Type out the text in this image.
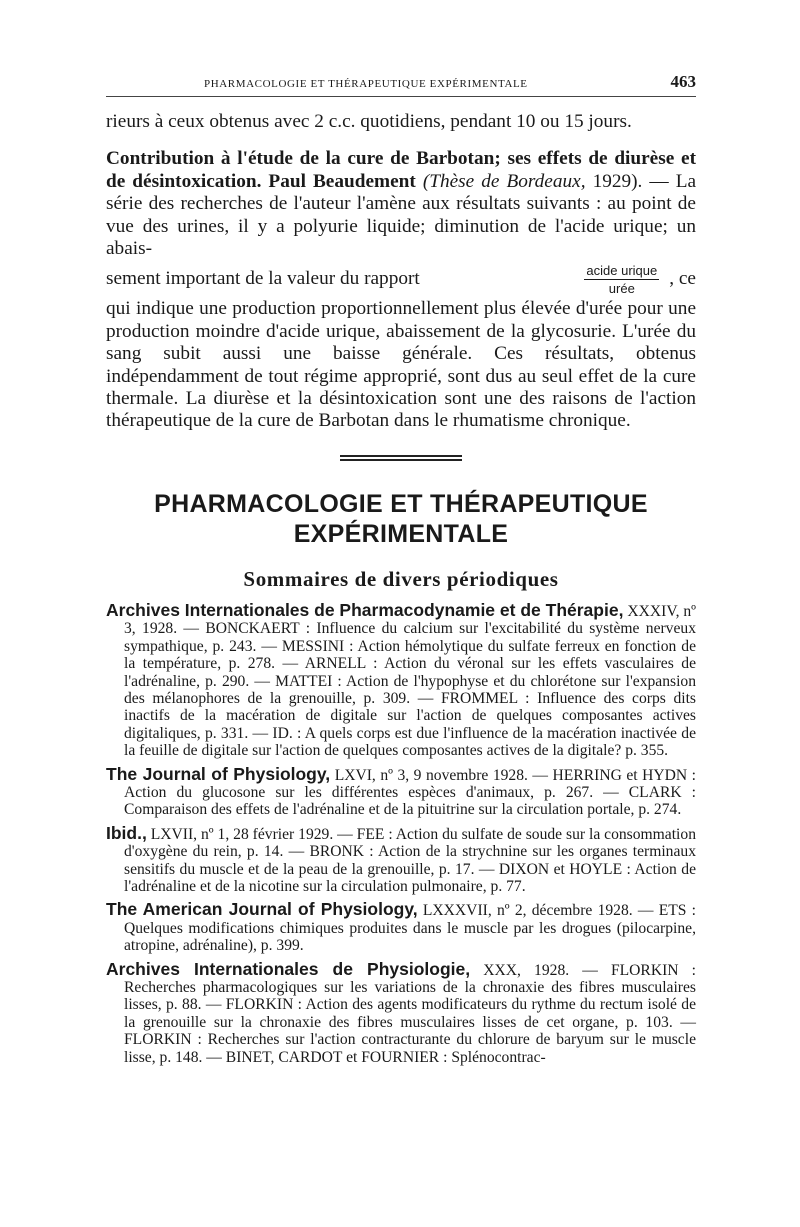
PHARMACOLOGIE ET THÉRAPEUTIQUE EXPÉRIMENTALE	463

rieurs à ceux obtenus avec 2 c.c. quotidiens, pendant 10 ou 15 jours.

Contribution à l'étude de la cure de Barbotan; ses effets de diurèse et de désintoxication. Paul Beaudement (Thèse de Bordeaux, 1929). — La série des recherches de l'auteur l'amène aux résultats suivants : au point de vue des urines, il y a polyurie liquide; diminution de l'acide urique; un abais-

sement important de la valeur du rapport	$\frac{\text{acide urique}}{\text{urée}}$ , ce

qui indique une production proportionnellement plus élevée d'urée pour une production moindre d'acide urique, abaissement de la glycosurie. L'urée du sang subit aussi une baisse générale. Ces résultats, obtenus indépendamment de tout régime approprié, sont dus au seul effet de la cure thermale. La diurèse et la désintoxication sont une des raisons de l'action thérapeutique de la cure de Barbotan dans le rhumatisme chronique.

PHARMACOLOGIE ET THÉRAPEUTIQUE
EXPÉRIMENTALE
Sommaires de divers périodiques

Archives Internationales de Pharmacodynamie et de Thérapie, XXXIV, nº 3, 1928. — BONCKAERT : Influence du calcium sur l'excitabilité du système nerveux sympathique, p. 243. — MESSINI : Action hémolytique du sulfate ferreux en fonction de la température, p. 278. — ARNELL : Action du véronal sur les effets vasculaires de l'adrénaline, p. 290. — MATTEI : Action de l'hypophyse et du chlorétone sur l'expansion des mélanophores de la grenouille, p. 309. — FROMMEL : Influence des corps dits inactifs de la macération de digitale sur l'action de quelques composantes actives digitaliques, p. 331. — ID. : A quels corps est due l'influence de la macération inactivée de la feuille de digitale sur l'action de quelques composantes actives de la digitale? p. 355.

The Journal of Physiology, LXVI, nº 3, 9 novembre 1928. — HERRING et HYDN : Action du glucosone sur les différentes espèces d'animaux, p. 267. — CLARK : Comparaison des effets de l'adrénaline et de la pituitrine sur la circulation portale, p. 274.

Ibid., LXVII, nº 1, 28 février 1929. — FEE : Action du sulfate de soude sur la consommation d'oxygène du rein, p. 14. — BRONK : Action de la strychnine sur les organes terminaux sensitifs du muscle et de la peau de la grenouille, p. 17. — DIXON et HOYLE : Action de l'adrénaline et de la nicotine sur la circulation pulmonaire, p. 77.

The American Journal of Physiology, LXXXVII, nº 2, décembre 1928. — ETS : Quelques modifications chimiques produites dans le muscle par les drogues (pilocarpine, atropine, adrénaline), p. 399.

Archives Internationales de Physiologie, XXX, 1928. — FLORKIN : Recherches pharmacologiques sur les variations de la chronaxie des fibres musculaires lisses, p. 88. — FLORKIN : Action des agents modificateurs du rythme du rectum isolé de la grenouille sur la chronaxie des fibres musculaires lisses de cet organe, p. 103. — FLORKIN : Recherches sur l'action contracturante du chlorure de baryum sur le muscle lisse, p. 148. — BINET, CARDOT et FOURNIER : Splénocontrac-
